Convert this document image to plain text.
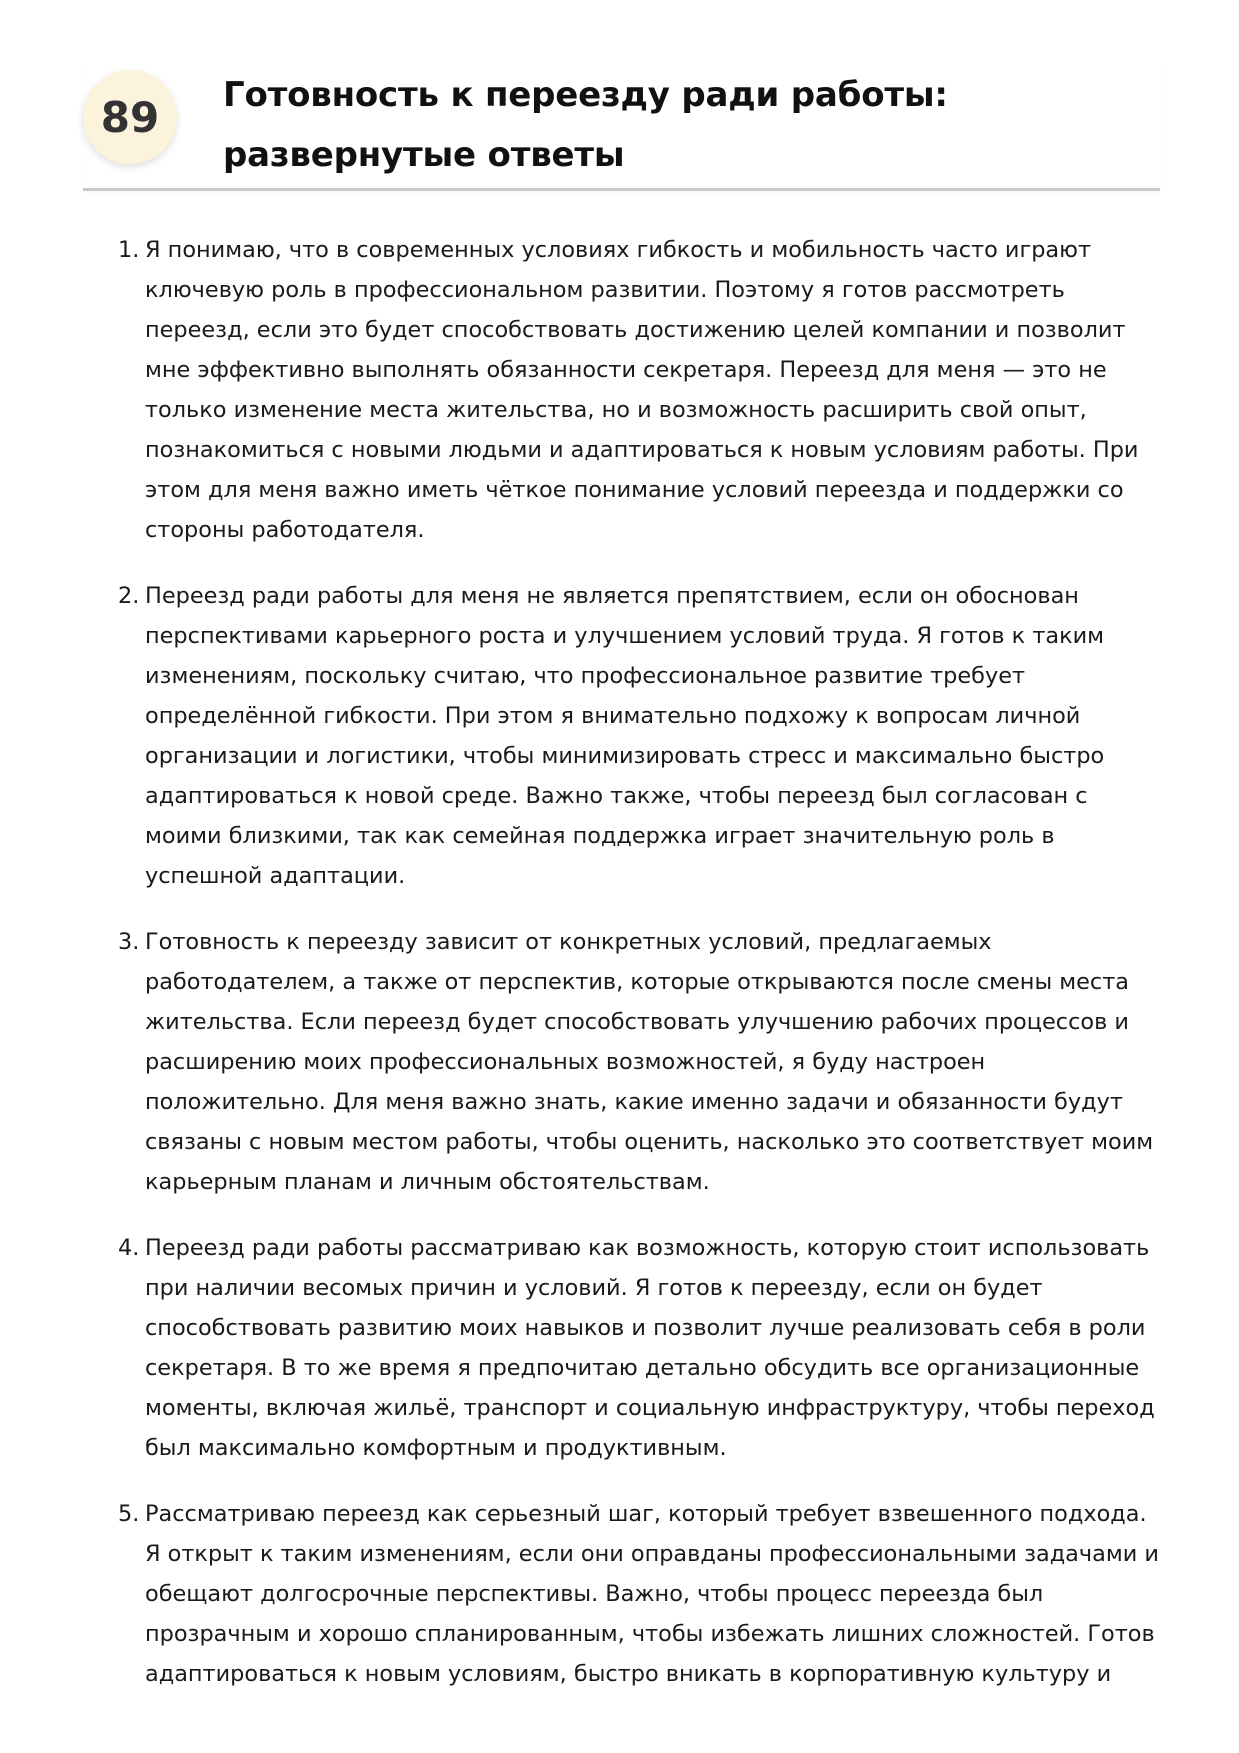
89	Готовность к переезду ради работы: развернутые ответы
1. Я понимаю, что в современных условиях гибкость и мобильность часто играют ключевую роль в профессиональном развитии. Поэтому я готов рассмотреть переезд, если это будет способствовать достижению целей компании и позволит мне эффективно выполнять обязанности секретаря. Переезд для меня — это не только изменение места жительства, но и возможность расширить свой опыт, познакомиться с новыми людьми и адаптироваться к новым условиям работы. При этом для меня важно иметь чёткое понимание условий переезда и поддержки со стороны работодателя.
2. Переезд ради работы для меня не является препятствием, если он обоснован перспективами карьерного роста и улучшением условий труда. Я готов к таким изменениям, поскольку считаю, что профессиональное развитие требует определённой гибкости. При этом я внимательно подхожу к вопросам личной организации и логистики, чтобы минимизировать стресс и максимально быстро адаптироваться к новой среде. Важно также, чтобы переезд был согласован с моими близкими, так как семейная поддержка играет значительную роль в успешной адаптации.
3. Готовность к переезду зависит от конкретных условий, предлагаемых работодателем, а также от перспектив, которые открываются после смены места жительства. Если переезд будет способствовать улучшению рабочих процессов и расширению моих профессиональных возможностей, я буду настроен положительно. Для меня важно знать, какие именно задачи и обязанности будут связаны с новым местом работы, чтобы оценить, насколько это соответствует моим карьерным планам и личным обстоятельствам.
4. Переезд ради работы рассматриваю как возможность, которую стоит использовать при наличии весомых причин и условий. Я готов к переезду, если он будет способствовать развитию моих навыков и позволит лучше реализовать себя в роли секретаря. В то же время я предпочитаю детально обсудить все организационные моменты, включая жильё, транспорт и социальную инфраструктуру, чтобы переход был максимально комфортным и продуктивным.
5. Рассматриваю переезд как серьезный шаг, который требует взвешенного подхода. Я открыт к таким изменениям, если они оправданы профессиональными задачами и обещают долгосрочные перспективы. Важно, чтобы процесс переезда был прозрачным и хорошо спланированным, чтобы избежать лишних сложностей. Готов адаптироваться к новым условиям, быстро вникать в корпоративную культуру и
